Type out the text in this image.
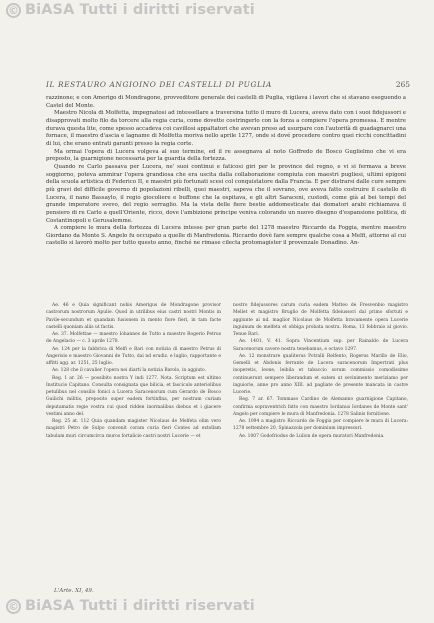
© BiASA Tutti i diritti riservati
IL RESTAURO ANGIOINO DEI CASTELLI DI PUGLIA	265

razzinone; e con Amerigo di Mondragone, provveditore generale dei castelli di Puglia, vigilava i lavori che si stavano eseguendo a Castel del Monte.

Maestro Nicola di Molfetta, impegnatosi ad intessellare a traversina tutto il muro di Lucera, aveva dato con i suoi fidejussori e disapprovati molto filo da torcere alla regia curia, come dovette costringerlo con la forza a compiere l'opera promessa. E mentre durava questa lite, come spesso accadeva coi cavillosi appaltatori che avevan preso ad usurpare con l'autorità di guadagnarci una fornace, il maestro d'ascia e lagname di Molfetta moriva nello aprile 1277, onde si dové procedere contro quei ricchi concittadini di lui, che erano entrati garanti presso la regia corte.

Ma ormai l'opera di Lucera volgeva al suo termine, ed il re assegnava al noto Goffredo de Bosco Guglielmo che vi era preposto, la guarnigione necessaria per la guardia della fortezza.

Quando re Carlo passava per Lucera, ne' suoi continui e faticosi giri per le province del regno, e vi si fermava a breve soggiorno, poteva ammirar l'opera grandiosa che era uscita dalla collaborazione compiuta con maestri pugliesi, ultimi epigoni della scuola artistica di Federico II, e maestri più fortunati scesi col conquistatore dalla Francia. E per distrarsi dalle cure sempre più gravi del difficile governo di popolazioni ribelli, quei maestri, sapeva che il sovrano, ove aveva fatto costruire il castello di Lucera, il nano Bassaylo, il regio giocoliere e buffone che la ospitava, e gli altri Saraceni, custodi, come già al bei tempi del grande imperatore svevo, del regio serraglio. Ma la vista delle fiere bestie addomesticate dai domatori arabi richiamava il pensiero di re Carlo a quell'Oriente, ricco, dove l'ambizione principe veniva colorando un nuovo disegno d'espansione politica, di Costantinopoli e Gerusalemme.

A compiere le mura della fortezza di Lucera intesse per gran parte del 1278 maestro Riccardo da Foggia, mentre maestro Giordano da Monte S. Angelo fu occupato a quelle di Manfredonia. Riccardo dovè fare sempre qualche cosa a Melfi, attorno al cui castello si lavorò molto per tutto questo anno, finché ne rimase cilecta protomagister il provenzale Donadino. An-

Ae. 46 e Quia significant nobis Amerigus de Mondragone provisor castrorum nostrorum Apulie. Quod in utrilibus eius castri nostri Montis in Pavile-secundum et quandam fusionem in mento fiore fieri, in tam facte castelli quoniam aliis ut factis.

Ae. 37. Molfettae — maestro Iohannes de Tutto a maestro Rogerio Petrus de Angelacio — c. 3 aprile 1278.

Ae. 124 per la fabbrica di Melfi e Bari con notizia di maestro Petrus di Angerisio e maestro Giovanni de Tutto, dai nd erudiz. e luglio, rapportante e affitti agg. ar. 1251, 25 luglio.

Ae. 128 che il cavalier l'opera nei diarti la notizia Barolo, in aggiuto.

Reg. 1 ar. 26 — possibito nostra Y indi 1277. Nota. Scriptum est ultimo Institucio Capitano. Consulta consignata que bilicia, et fasciculo anteriolibus petulibus nel consilio fonici a Lucera Saracenorum cum Gerardo de Bosco Guilichi militis, preposito super eadem fortinfina, per nostram curiam deputamatis regie vostra cui quod ridden inormalibus diebus et i giacere vestimi anno del.

Reg. 25 at. 112 Quia quandam magister Nicolaus de Melfeta olim vero magistri Petro de Sulpo convenit coram curia fieri Contes ad extollam tabulam muri circumcirca muros fortalicie castri nostri Lucerie — et

nostro fidejussores carum curia eadem Matteo de Fresvenbio magistro Mellet et magistro Bruglio de Molfetta fideiussori dal primo sfortuti e aggiunte ai nd. maglior Nicolaus de Molfetta bravamente opera Lucerie inguinum de melfeta et obbiga probata nostra. Roma, 13 febbraio al giovio. Tenue Rari.

Ae. 1401, V. 41. Sopra Vincentium sup. per Rainaldo de Lucera Saracenorum cavere nostra tenebamus, e octavo 1297.

Ae. 12 monstrare qualiterus Potralli Relfento, Rogerus Marillo de Elio, Gemelli et Abdonis ferrante de Lucera saracenorum Impertrati plus inoperetis, leone, leibila et tabaccio sorum commissio comodissime continuerunt sempere liberandum et eatem ut sevinimento meriziamo per inguiorie, anne pro anno XIII. ad pagliate de presente mancata in castre Lucerie.

Reg. 7 ar. 67. Tommaso Cardino de Alemanno guarnigione Capitano, confirma sopraventrich fatto con maestro Iordanus Iordanes de Monte sant' Angelo per compiere le mura di Manfredonia. 1278 Salinis fornitione.

Ae. 1094 a magistro Riccardo de Foggia per compiere le mura di Lucera: 1278 settembre 20, Spinazzola per dominium impressuri.

Ae. 1007 Godofriodus de Lulion de opera muratori Manfredonia.

L'Arte. XI, 49.
© BiASA Tutti i diritti riservati
